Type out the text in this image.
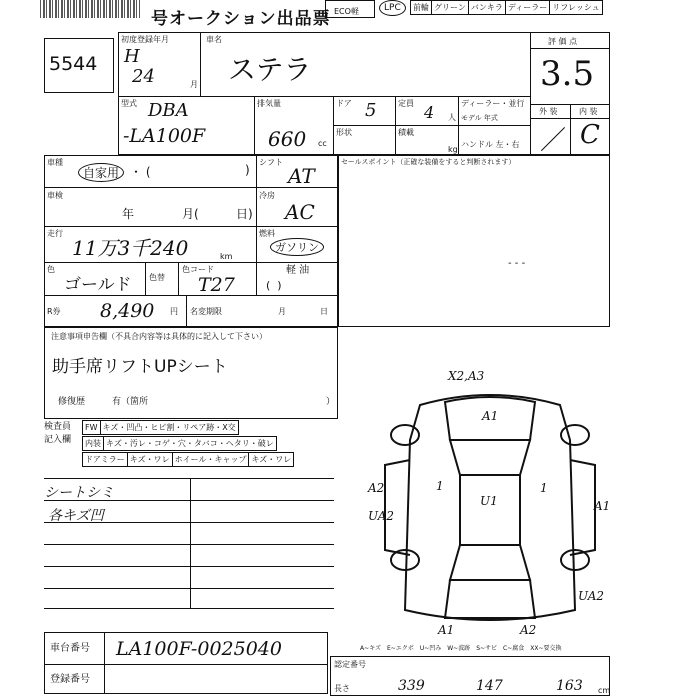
号オークション出品票 ECO軽	LPC	前輪 グリーン バンキラ ディーラー リフレッシュ
5544
初度登録年月
H
24	月
車名
ステラ
型式 DBA
-LA100F
排気量
660 cc
ドア 5	定員 4 人
ディーラー・並行
モデル 年式
形状	積載
kg
ハンドル 左・右
評 価 点
3.5
外 装	内 装
／ C
車種
自家用 ・ (	)
シフト
AT
車検
年	月(	日)
冷房
AC
走行
11万3千240	km
燃料
ガソリン
軽 油
(  )
色
ゴールド 色替
色コード
T27
R券 8,490 円 名変期限	月	日
セールスポイント（正確な装備をすると判断されます）
- - -
注意事項申告欄（不具合内容等は具体的に記入して下さい）
助手席リフトUPシート
修復歴	有（箇所	）
検査員
記入欄
FW キズ・凹凸・ヒビ割・リペア跡・X交
内装 キズ・汚レ・コゲ・穴・タバコ・ヘタリ・破レ
ドアミラー キズ・ワレ ホイール・キャップ キズ・ワレ
シートシミ
各キズ凹
X2,A3
A1
A2	1
U1
1
A1
UA2
A1
UA2
A2
A~キズ　E~エクボ　U~凹み　W~波跡　S~サビ　C~腐食　XX~要交換
車台番号 LA100F-0025040
登録番号
認定番号
長さ	339	147	163 cm
